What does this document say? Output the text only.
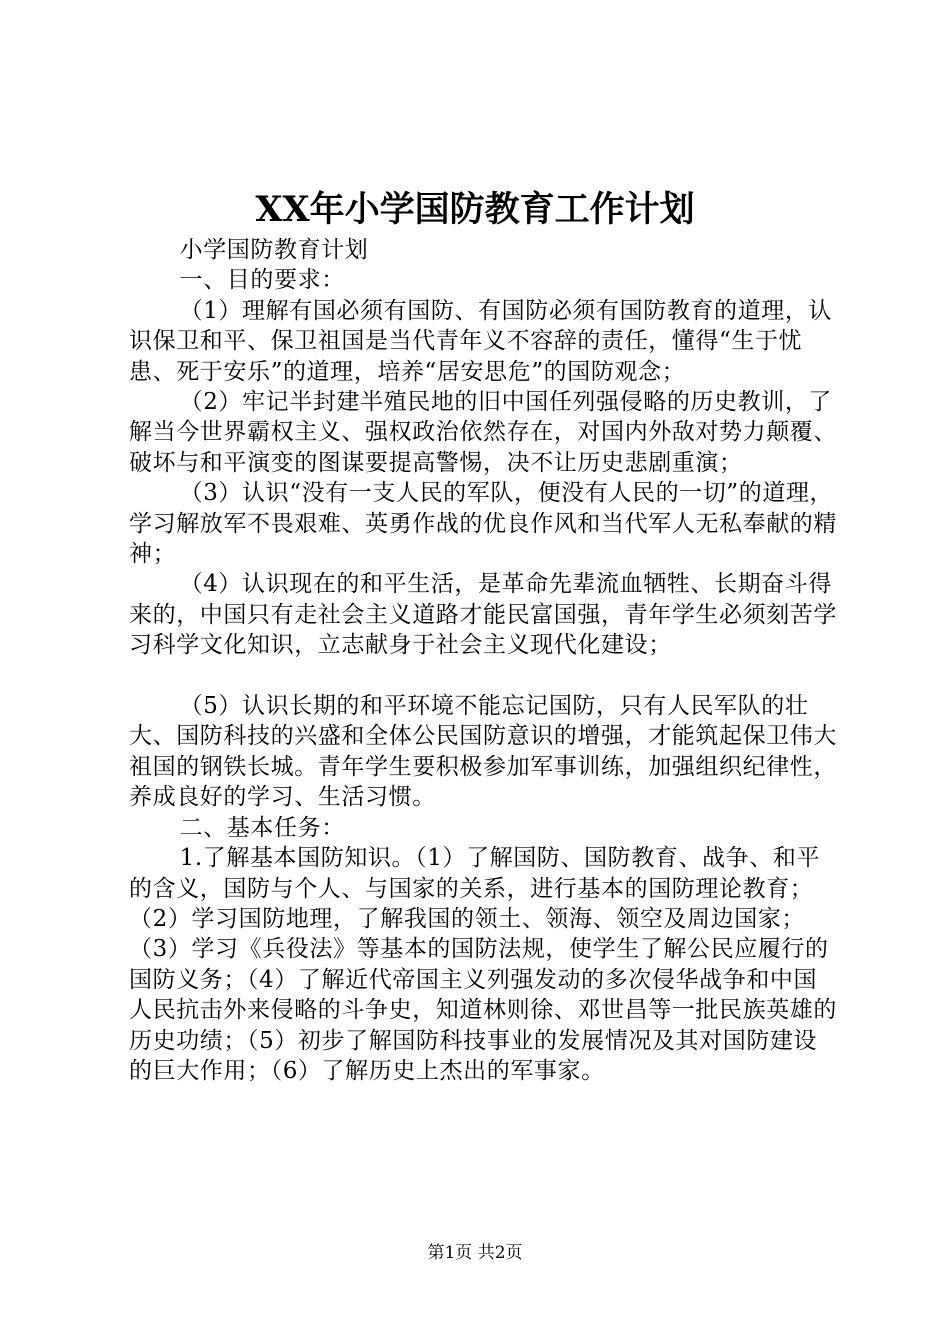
XX年小学国防教育工作计划

小学国防教育计划

一、目的要求：

（1）理解有国必须有国防、有国防必须有国防教育的道理，认识保卫和平、保卫祖国是当代青年义不容辞的责任，懂得“生于忧患、死于安乐”的道理，培养“居安思危”的国防观念；

（2）牢记半封建半殖民地的旧中国任列强侵略的历史教训，了解当今世界霸权主义、强权政治依然存在，对国内外敌对势力颠覆、破坏与和平演变的图谋要提高警惕，决不让历史悲剧重演；

（3）认识“没有一支人民的军队，便没有人民的一切”的道理，学习解放军不畏艰难、英勇作战的优良作风和当代军人无私奉献的精神；

（4）认识现在的和平生活，是革命先辈流血牺牲、长期奋斗得来的，中国只有走社会主义道路才能民富国强，青年学生必须刻苦学习科学文化知识，立志献身于社会主义现代化建设；

（5）认识长期的和平环境不能忘记国防，只有人民军队的壮大、国防科技的兴盛和全体公民国防意识的增强，才能筑起保卫伟大祖国的钢铁长城。青年学生要积极参加军事训练，加强组织纪律性，养成良好的学习、生活习惯。

二、基本任务：

1.了解基本国防知识。（1）了解国防、国防教育、战争、和平的含义，国防与个人、与国家的关系，进行基本的国防理论教育；（2）学习国防地理，了解我国的领土、领海、领空及周边国家；（3）学习《兵役法》等基本的国防法规，使学生了解公民应履行的国防义务；（4）了解近代帝国主义列强发动的多次侵华战争和中国人民抗击外来侵略的斗争史，知道林则徐、邓世昌等一批民族英雄的历史功绩；（5）初步了解国防科技事业的发展情况及其对国防建设的巨大作用；（6）了解历史上杰出的军事家。

第1页 共2页
